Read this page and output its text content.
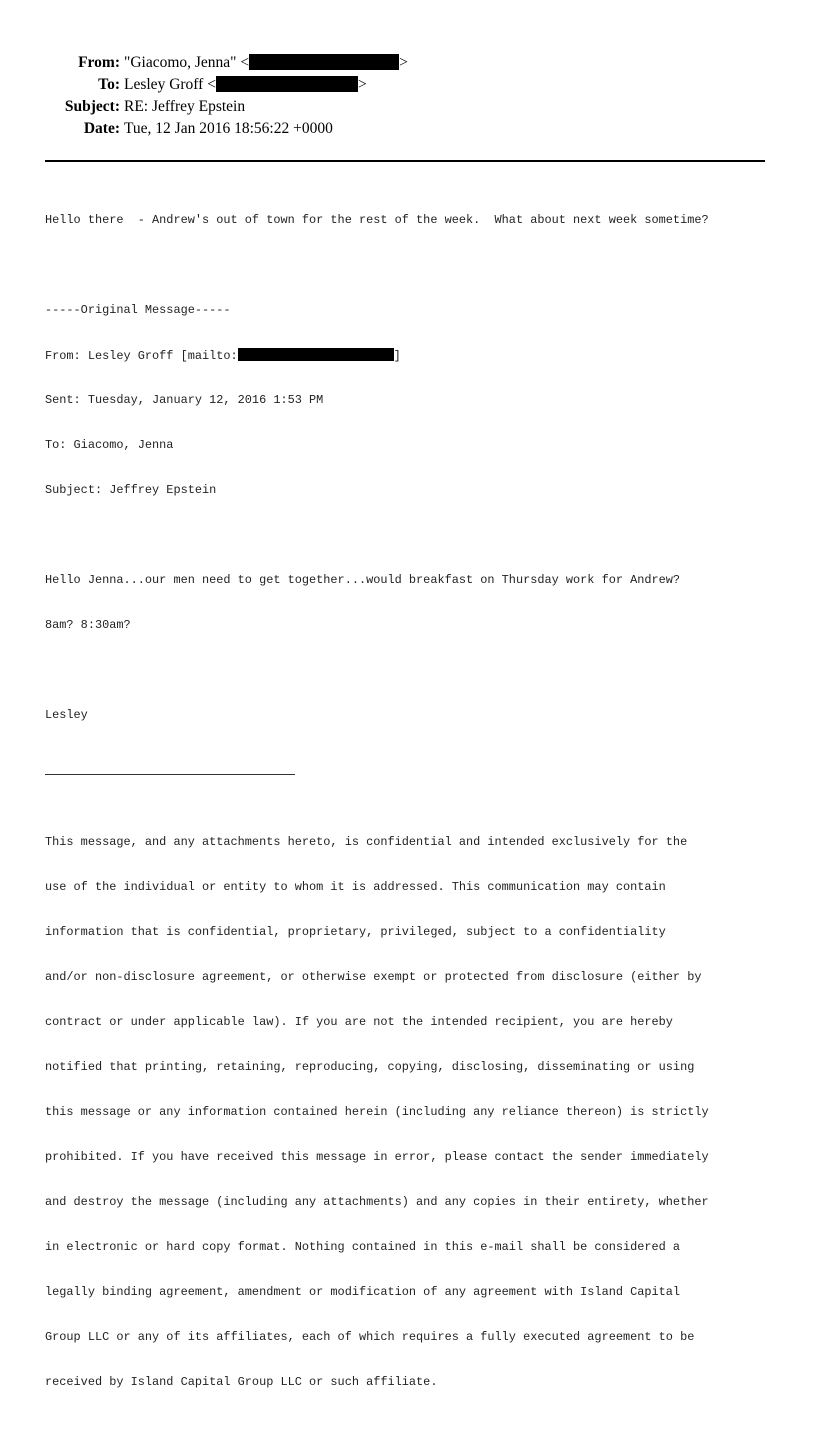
From: "Giacomo, Jenna" <	>
To: Lesley Groff <	>
Subject: RE: Jeffrey Epstein
Date: Tue, 12 Jan 2016 18:56:22 +0000

Hello there  - Andrew's out of town for the rest of the week.  What about next week sometime?

-----Original Message-----

From: Lesley Groff [mailto:	]

Sent: Tuesday, January 12, 2016 1:53 PM

To: Giacomo, Jenna

Subject: Jeffrey Epstein

Hello Jenna...our men need to get together...would breakfast on Thursday work for Andrew?

8am? 8:30am?

Lesley

This message, and any attachments hereto, is confidential and intended exclusively for the

use of the individual or entity to whom it is addressed. This communication may contain

information that is confidential, proprietary, privileged, subject to a confidentiality

and/or non-disclosure agreement, or otherwise exempt or protected from disclosure (either by

contract or under applicable law). If you are not the intended recipient, you are hereby

notified that printing, retaining, reproducing, copying, disclosing, disseminating or using

this message or any information contained herein (including any reliance thereon) is strictly

prohibited. If you have received this message in error, please contact the sender immediately

and destroy the message (including any attachments) and any copies in their entirety, whether

in electronic or hard copy format. Nothing contained in this e-mail shall be considered a

legally binding agreement, amendment or modification of any agreement with Island Capital

Group LLC or any of its affiliates, each of which requires a fully executed agreement to be

received by Island Capital Group LLC or such affiliate.
